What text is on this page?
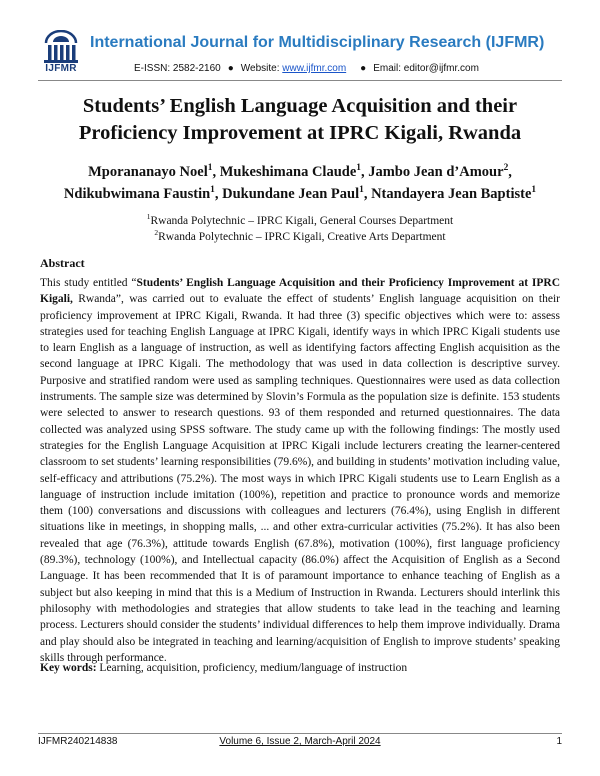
IJFMR
International Journal for Multidisciplinary Research (IJFMR)
E-ISSN: 2582-2160 ● Website: www.ijfmr.com ● Email: editor@ijfmr.com
Students’ English Language Acquisition and their
Proficiency Improvement at IPRC Kigali, Rwanda
Mporananayo Noel$^1$, Mukeshimana Claude$^1$, Jambo Jean d’Amour$^2$,
Ndikubwimana Faustin$^1$, Dukundane Jean Paul$^1$, Ntandayera Jean Baptiste$^1$
$^1$Rwanda Polytechnic – IPRC Kigali, General Courses Department
$^2$Rwanda Polytechnic – IPRC Kigali, Creative Arts Department
Abstract

This study entitled “Students’ English Language Acquisition and their Proficiency Improvement at IPRC Kigali, Rwanda”, was carried out to evaluate the effect of students’ English language acquisition on their proficiency improvement at IPRC Kigali, Rwanda. It had three (3) specific objectives which were to: assess strategies used for teaching English Language at IPRC Kigali, identify ways in which IPRC Kigali students use to learn English as a language of instruction, as well as identifying factors affecting English acquisition as the second language at IPRC Kigali. The methodology that was used in data collection is descriptive survey. Purposive and stratified random were used as sampling techniques. Questionnaires were used as data collection instruments. The sample size was determined by Slovin’s Formula as the population size is definite. 153 students were selected to answer to research questions. 93 of them responded and returned questionnaires. The data collected was analyzed using SPSS software. The study came up with the following findings: The mostly used strategies for the English Language Acquisition at IPRC Kigali include lecturers creating the learner-centered classroom to set students’ learning responsibilities (79.6%), and building in students’ motivation including value, self-efficacy and attributions (75.2%). The most ways in which IPRC Kigali students use to Learn English as a language of instruction include imitation (100%), repetition and practice to pronounce words and memorize them (100) conversations and discussions with colleagues and lecturers (76.4%), using English in different situations like in meetings, in shopping malls, ... and other extra-curricular activities (75.2%). It has also been revealed that age (76.3%), attitude towards English (67.8%), motivation (100%), first language proficiency (89.3%), technology (100%), and Intellectual capacity (86.0%) affect the Acquisition of English as a Second Language. It has been recommended that It is of paramount importance to enhance teaching of English as a subject but also keeping in mind that this is a Medium of Instruction in Rwanda. Lecturers should interlink this philosophy with methodologies and strategies that allow students to take lead in the teaching and learning process. Lecturers should consider the students’ individual differences to help them improve individually. Drama and play should also be integrated in teaching and learning/acquisition of English to improve students’ speaking skills through performance.

Key words: Learning, acquisition, proficiency, medium/language of instruction

IJFMR240214838	Volume 6, Issue 2, March-April 2024	1
